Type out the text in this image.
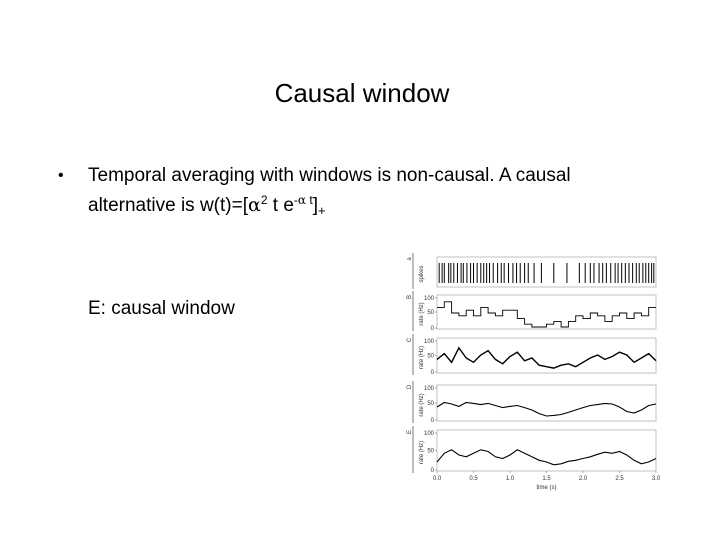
Causal window
•	Temporal averaging with windows is non-causal. A causal
alternative is $w(t)=[\alpha^2$ t $e^{-\alpha t}]_+$
E: causal window
a
spikes
B
rate (Hz)
100
50
0
C
rate (Hz)
100
50
0
D
rate (Hz)
100
50
0
E
rate (Hz)
100
50
0
0.0	0.5	1.0	1.5	2.0	2.5	3.0
time (s)
